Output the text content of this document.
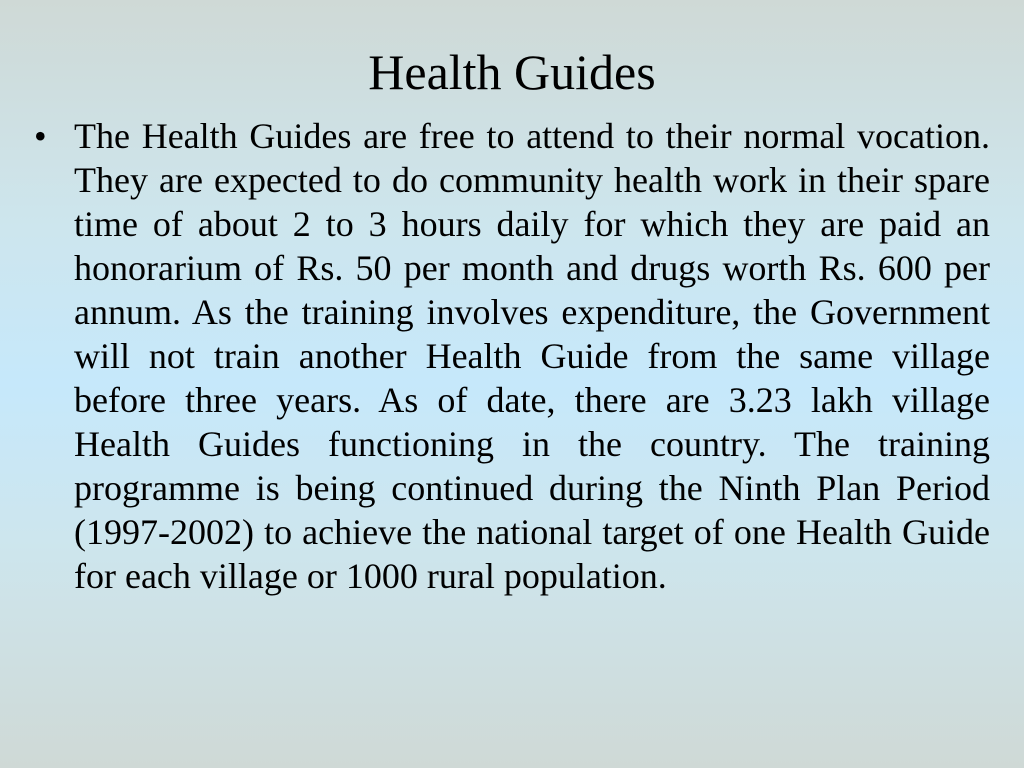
Health Guides
• The Health Guides are free to attend to their normal vocation. They are expected to do community health work in their spare time of about 2 to 3 hours daily for which they are paid an honorarium of Rs. 50 per month and drugs worth Rs. 600 per annum. As the training involves expenditure, the Government will not train another Health Guide from the same village before three years. As of date, there are 3.23 lakh village Health Guides functioning in the country. The training programme is being continued during the Ninth Plan Period (1997-2002) to achieve the national target of one Health Guide for each village or 1000 rural population.
